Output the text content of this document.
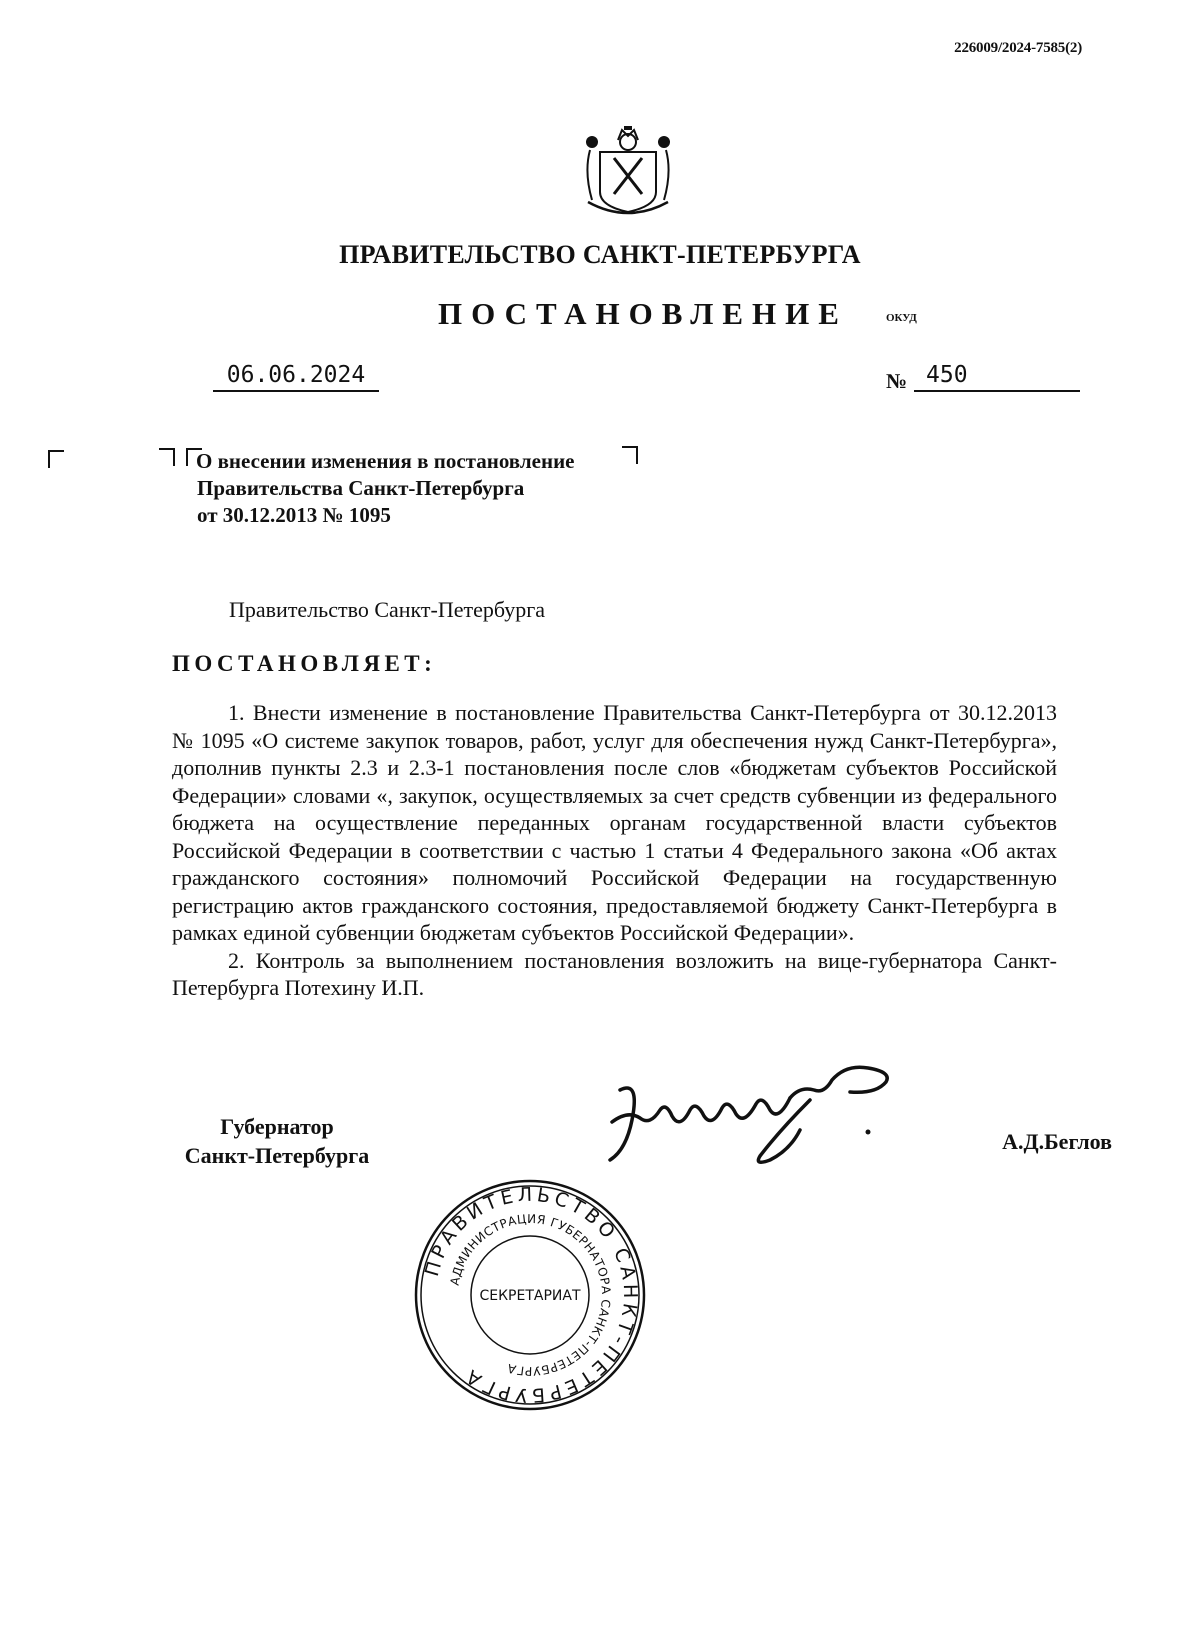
226009/2024-7585(2)
ПРАВИТЕЛЬСТВО САНКТ-ПЕТЕРБУРГА
ПОСТАНОВЛЕНИЕ	ОКУД
06.06.2024	№ 450
О внесении изменения в постановление
Правительства Санкт-Петербурга
от 30.12.2013 № 1095
Правительство Санкт-Петербурга
ПОСТАНОВЛЯЕТ:

1. Внести изменение в постановление Правительства Санкт-Петербурга от 30.12.2013 № 1095 «О системе закупок товаров, работ, услуг для обеспечения нужд Санкт-Петербурга», дополнив пункты 2.3 и 2.3-1 постановления после слов «бюджетам субъектов Российской Федерации» словами «, закупок, осуществляемых за счет средств субвенции из федерального бюджета на осуществление переданных органам государственной власти субъектов Российской Федерации в соответствии с частью 1 статьи 4 Федерального закона «Об актах гражданского состояния» полномочий Российской Федерации на государственную регистрацию актов гражданского состояния, предоставляемой бюджету Санкт-Петербурга в рамках единой субвенции бюджетам субъектов Российской Федерации».

2. Контроль за выполнением постановления возложить на вице-губернатора Санкт-Петербурга Потехину И.П.

Губернатор
Санкт-Петербурга
А.Д.Беглов
ПРАВИТЕЛЬСТВО САНКТ-ПЕТЕРБУРГА
АДМИНИСТРАЦИЯ ГУБЕРНАТОРА САНКТ-ПЕТЕРБУРГА
СЕКРЕТАРИАТ
